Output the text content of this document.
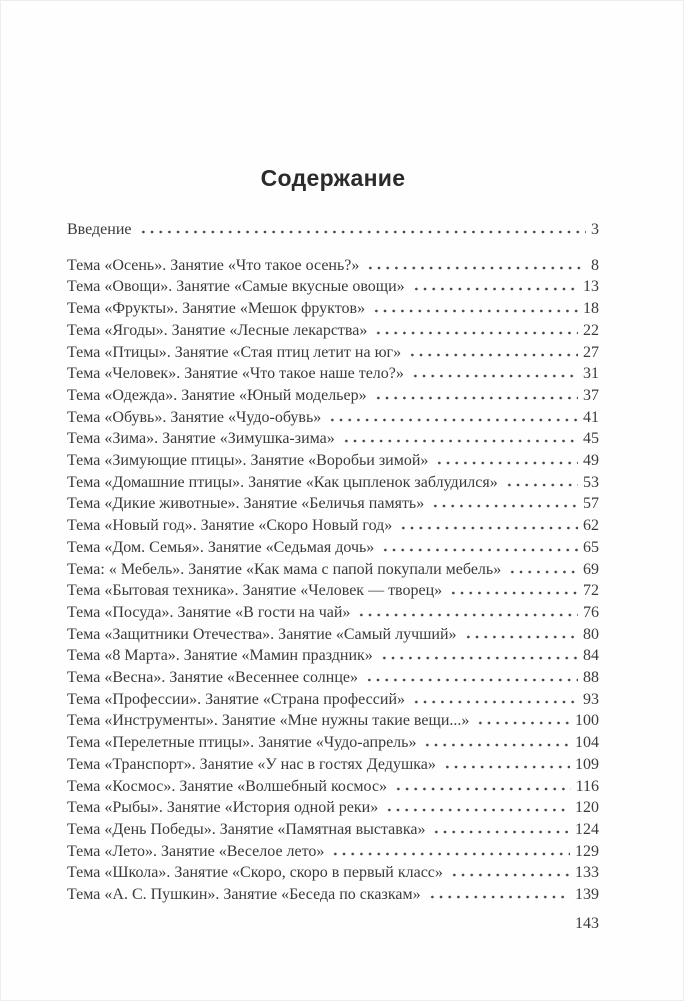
Содержание
Введение	3
Тема «Осень». Занятие «Что такое осень?»	8
Тема «Овощи». Занятие «Самые вкусные овощи»	13
Тема «Фрукты». Занятие «Мешок фруктов»	18
Тема «Ягоды». Занятие «Лесные лекарства»	22
Тема «Птицы». Занятие «Стая птиц летит на юг»	27
Тема «Человек». Занятие «Что такое наше тело?»	31
Тема «Одежда». Занятие «Юный модельер»	37
Тема «Обувь». Занятие «Чудо-обувь»	41
Тема «Зима». Занятие «Зимушка-зима»	45
Тема «Зимующие птицы». Занятие «Воробьи зимой»	49
Тема «Домашние птицы». Занятие «Как цыпленок заблудился»	53
Тема «Дикие животные». Занятие «Беличья память»	57
Тема «Новый год». Занятие «Скоро Новый год»	62
Тема «Дом. Семья». Занятие «Седьмая дочь»	65
Тема: « Мебель». Занятие «Как мама с папой покупали мебель»	69
Тема «Бытовая техника». Занятие «Человек — творец»	72
Тема «Посуда». Занятие «В гости на чай»	76
Тема «Защитники Отечества». Занятие «Самый лучший»	80
Тема «8 Марта». Занятие «Мамин праздник»	84
Тема «Весна». Занятие «Весеннее солнце»	88
Тема «Профессии». Занятие «Страна профессий»	93
Тема «Инструменты». Занятие «Мне нужны такие вещи...»	100
Тема «Перелетные птицы». Занятие «Чудо-апрель»	104
Тема «Транспорт». Занятие «У нас в гостях Дедушка»	109
Тема «Космос». Занятие «Волшебный космос»	116
Тема «Рыбы». Занятие «История одной реки»	120
Тема «День Победы». Занятие «Памятная выставка»	124
Тема «Лето». Занятие «Веселое лето»	129
Тема «Школа». Занятие «Скоро, скоро в первый класс»	133
Тема «А. С. Пушкин». Занятие «Беседа по сказкам»	139
143
